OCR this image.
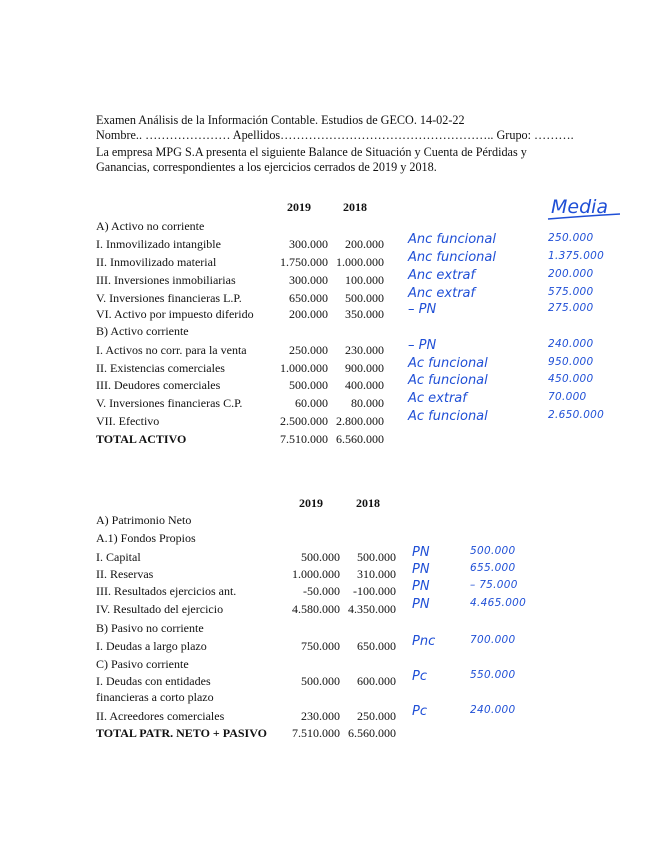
Examen Análisis de la Información Contable. Estudios de GECO. 14-02-22
Nombre.. ………………… Apellidos…………………………………………….. Grupo: ……….
La empresa MPG S.A presenta el siguiente Balance de Situación y Cuenta de Pérdidas y
Ganancias, correspondientes a los ejercicios cerrados de 2019 y 2018.
2019	2018
A) Activo no corriente
I. Inmovilizado intangible	300.000 200.000
II. Inmovilizado material	1.750.000 1.000.000
III. Inversiones inmobiliarias	300.000 100.000
V. Inversiones financieras L.P.	650.000 500.000
VI. Activo por impuesto diferido	200.000 350.000
B) Activo corriente
I. Activos no corr. para la venta	250.000 230.000
II. Existencias comerciales	1.000.000 900.000
III. Deudores comerciales	500.000 400.000
V. Inversiones financieras C.P.	60.000 80.000
VII. Efectivo	2.500.000 2.800.000
TOTAL ACTIVO	7.510.000 6.560.000
2019	2018
A) Patrimonio Neto
A.1) Fondos Propios
I. Capital	500.000 500.000
II. Reservas	1.000.000 310.000
III. Resultados ejercicios ant.	-50.000 -100.000
IV. Resultado del ejercicio	4.580.000 4.350.000
B) Pasivo no corriente
I. Deudas a largo plazo	750.000 650.000
C) Pasivo corriente
I. Deudas con entidades	500.000 600.000
financieras a corto plazo
II. Acreedores comerciales	230.000 250.000
TOTAL PATR. NETO + PASIVO 7.510.000 6.560.000
Media
Anc funcional	250.000
Anc funcional	1.375.000
Anc extraf	200.000
Anc extraf	575.000
– PN	275.000
– PN	240.000
Ac funcional	950.000
Ac funcional	450.000
Ac extraf	70.000
Ac funcional	2.650.000
PN	500.000
PN	655.000
PN	– 75.000
PN	4.465.000
Pnc	700.000
Pc	550.000
Pc	240.000
